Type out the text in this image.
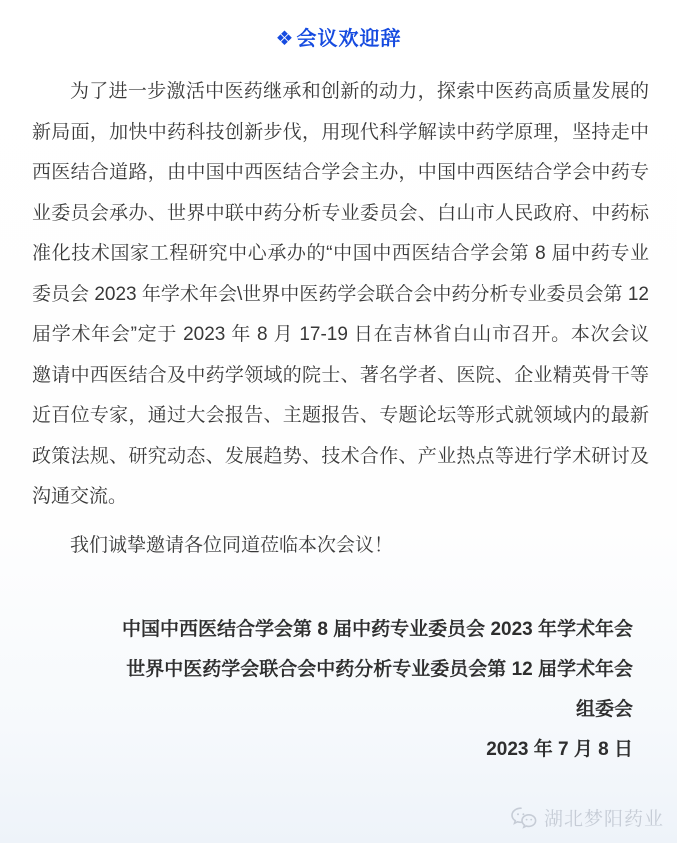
❖ 会议欢迎辞
为了进一步激活中医药继承和创新的动力，探索中医药高质量发展的
新局面，加快中药科技创新步伐，用现代科学解读中药学原理，坚持走中
西医结合道路，由中国中西医结合学会主办，中国中西医结合学会中药专
业委员会承办、世界中联中药分析专业委员会、白山市人民政府、中药标
准化技术国家工程研究中心承办的“中国中西医结合学会第 8 届中药专业
委员会 2023 年学术年会\世界中医药学会联合会中药分析专业委员会第 12
届学术年会”定于 2023 年 8 月 17-19 日在吉林省白山市召开。本次会议
邀请中西医结合及中药学领域的院士、著名学者、医院、企业精英骨干等
近百位专家，通过大会报告、主题报告、专题论坛等形式就领域内的最新
政策法规、研究动态、发展趋势、技术合作、产业热点等进行学术研讨及
沟通交流。
我们诚挚邀请各位同道莅临本次会议！
中国中西医结合学会第 8 届中药专业委员会 2023 年学术年会
世界中医药学会联合会中药分析专业委员会第 12 届学术年会
组委会
2023 年 7 月 8 日
湖北梦阳药业
